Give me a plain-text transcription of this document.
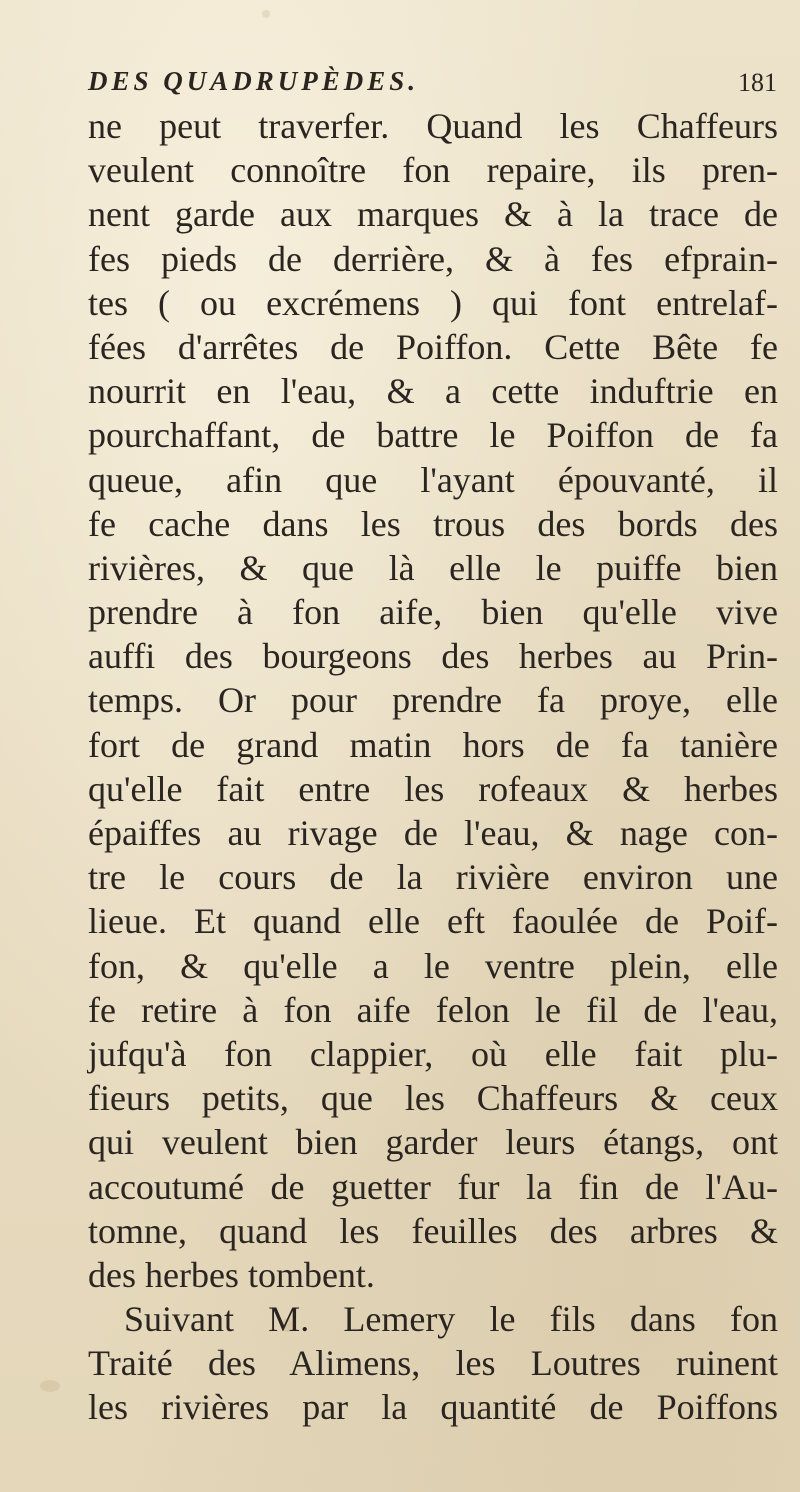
DES QUADRUPÈDES.	181
ne peut traverfer. Quand les Chaffeurs
veulent connoître fon repaire, ils pren-
nent garde aux marques & à la trace de
fes pieds de derrière, & à fes efprain-
tes ( ou excrémens ) qui font entrelaf-
fées d'arrêtes de Poiffon. Cette Bête fe
nourrit en l'eau, & a cette induftrie en
pourchaffant, de battre le Poiffon de fa
queue, afin que l'ayant épouvanté, il
fe cache dans les trous des bords des
rivières, & que là elle le puiffe bien
prendre à fon aife, bien qu'elle vive
auffi des bourgeons des herbes au Prin-
temps. Or pour prendre fa proye, elle
fort de grand matin hors de fa tanière
qu'elle fait entre les rofeaux & herbes
épaiffes au rivage de l'eau, & nage con-
tre le cours de la rivière environ une
lieue. Et quand elle eft faoulée de Poif-
fon, & qu'elle a le ventre plein, elle
fe retire à fon aife felon le fil de l'eau,
jufqu'à fon clappier, où elle fait plu-
fieurs petits, que les Chaffeurs & ceux
qui veulent bien garder leurs étangs, ont
accoutumé de guetter fur la fin de l'Au-
tomne, quand les feuilles des arbres &
des herbes tombent.
Suivant M. Lemery le fils dans fon
Traité des Alimens, les Loutres ruinent
les rivières par la quantité de Poiffons
